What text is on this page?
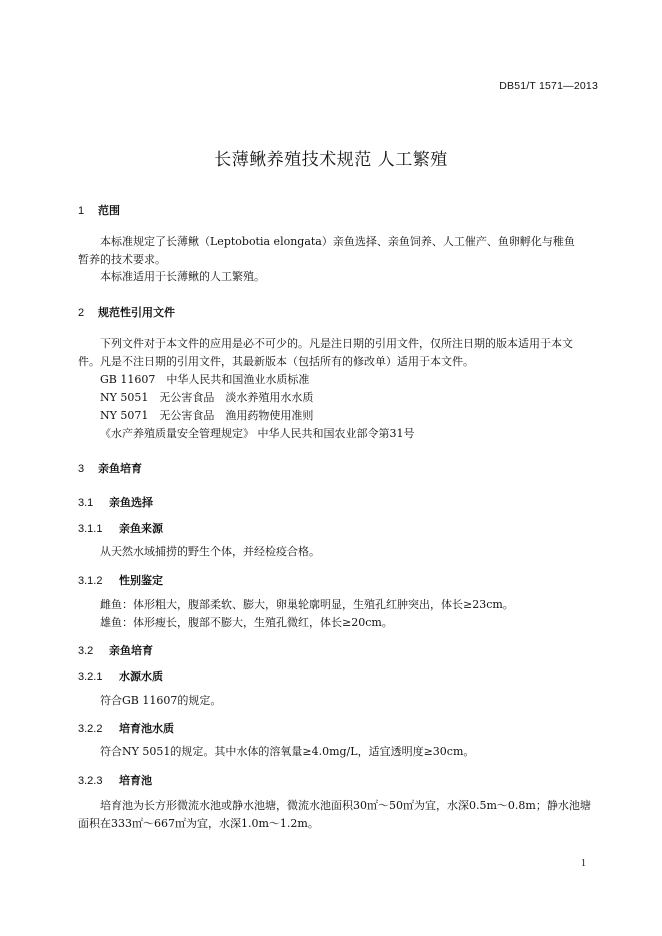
DB51/T 1571—2013
长薄鳅养殖技术规范 人工繁殖
1 范围
本标准规定了长薄鳅（Leptobotia elongata）亲鱼选择、亲鱼饲养、人工催产、鱼卵孵化与稚鱼
暂养的技术要求。
本标准适用于长薄鳅的人工繁殖。
2 规范性引用文件
下列文件对于本文件的应用是必不可少的。凡是注日期的引用文件，仅所注日期的版本适用于本文
件。凡是不注日期的引用文件，其最新版本（包括所有的修改单）适用于本文件。
GB 11607　中华人民共和国渔业水质标准
NY 5051　无公害食品　淡水养殖用水水质
NY 5071　无公害食品　渔用药物使用准则
《水产养殖质量安全管理规定》 中华人民共和国农业部令第31号
3 亲鱼培育
3.1 亲鱼选择
3.1.1 亲鱼来源
从天然水域捕捞的野生个体，并经检疫合格。
3.1.2 性别鉴定
雌鱼：体形粗大，腹部柔软、膨大，卵巢轮廓明显，生殖孔红肿突出，体长≥23cm。
雄鱼：体形瘦长，腹部不膨大，生殖孔微红，体长≥20cm。
3.2 亲鱼培育
3.2.1 水源水质
符合GB 11607的规定。
3.2.2 培育池水质
符合NY 5051的规定。其中水体的溶氧量≥4.0mg/L，适宜透明度≥30cm。
3.2.3 培育池
培育池为长方形微流水池或静水池塘，微流水池面积30㎡～50㎡为宜，水深0.5m～0.8m；静水池塘
面积在333㎡～667㎡为宜，水深1.0m～1.2m。
1
